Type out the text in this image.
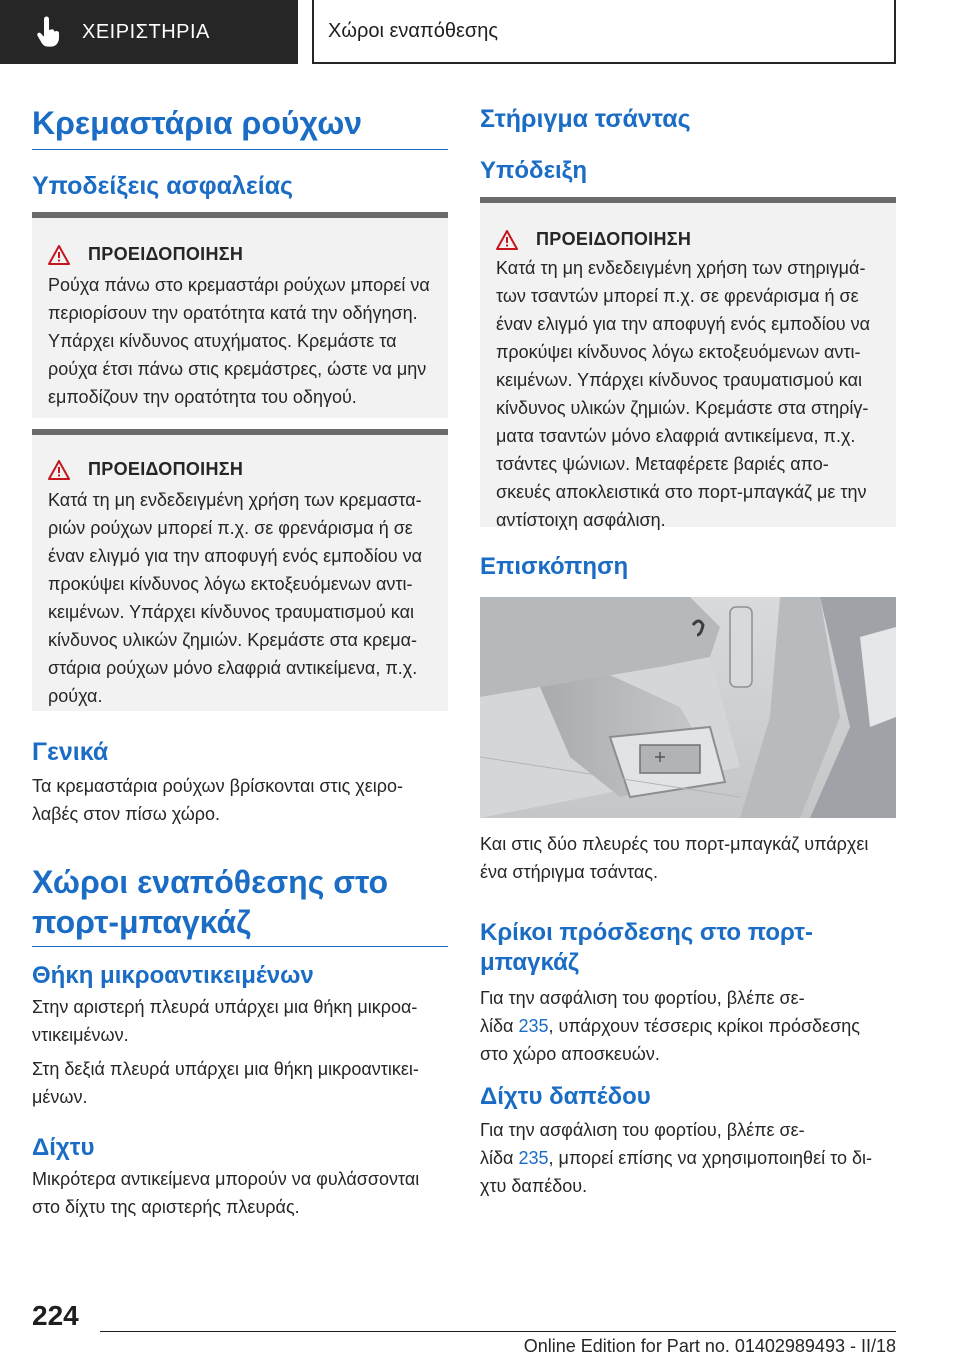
ΧΕΙΡΙΣΤΗΡΙΑ	Χώροι εναπόθεσης
Κρεμαστάρια ρούχων
Υποδείξεις ασφαλείας
ΠΡΟΕΙΔΟΠΟΙΗΣΗ
Ρούχα πάνω στο κρεμαστάρι ρούχων μπορεί να
περιορίσουν την ορατότητα κατά την οδήγηση.
Υπάρχει κίνδυνος ατυχήματος. Κρεμάστε τα
ρούχα έτσι πάνω στις κρεμάστρες, ώστε να μην
εμποδίζουν την ορατότητα του οδηγού.
ΠΡΟΕΙΔΟΠΟΙΗΣΗ
Κατά τη μη ενδεδειγμένη χρήση των κρεμαστα-
ριών ρούχων μπορεί π.χ. σε φρενάρισμα ή σε
έναν ελιγμό για την αποφυγή ενός εμποδίου να
προκύψει κίνδυνος λόγω εκτοξευόμενων αντι-
κειμένων. Υπάρχει κίνδυνος τραυματισμού και
κίνδυνος υλικών ζημιών. Κρεμάστε στα κρεμα-
στάρια ρούχων μόνο ελαφριά αντικείμενα, π.χ.
ρούχα.
Γενικά
Τα κρεμαστάρια ρούχων βρίσκονται στις χειρο-
λαβές στον πίσω χώρο.
Χώροι εναπόθεσης στο
πορτ-μπαγκάζ
Θήκη μικροαντικειμένων
Στην αριστερή πλευρά υπάρχει μια θήκη μικροα-
ντικειμένων.
Στη δεξιά πλευρά υπάρχει μια θήκη μικροαντικει-
μένων.
Δίχτυ
Μικρότερα αντικείμενα μπορούν να φυλάσσονται
στο δίχτυ της αριστερής πλευράς.
Στήριγμα τσάντας
Υπόδειξη
ΠΡΟΕΙΔΟΠΟΙΗΣΗ
Κατά τη μη ενδεδειγμένη χρήση των στηριγμά-
των τσαντών μπορεί π.χ. σε φρενάρισμα ή σε
έναν ελιγμό για την αποφυγή ενός εμποδίου να
προκύψει κίνδυνος λόγω εκτοξευόμενων αντι-
κειμένων. Υπάρχει κίνδυνος τραυματισμού και
κίνδυνος υλικών ζημιών. Κρεμάστε στα στηρίγ-
ματα τσαντών μόνο ελαφριά αντικείμενα, π.χ.
τσάντες ψώνιων. Μεταφέρετε βαριές απο-
σκευές αποκλειστικά στο πορτ-μπαγκάζ με την
αντίστοιχη ασφάλιση.
Επισκόπηση
Και στις δύο πλευρές του πορτ-μπαγκάζ υπάρχει
ένα στήριγμα τσάντας.
Κρίκοι πρόσδεσης στο πορτ-
μπαγκάζ
Για την ασφάλιση του φορτίου, βλέπε σε-
λίδα 235, υπάρχουν τέσσερις κρίκοι πρόσδεσης
στο χώρο αποσκευών.
Δίχτυ δαπέδου
Για την ασφάλιση του φορτίου, βλέπε σε-
λίδα 235, μπορεί επίσης να χρησιμοποιηθεί το δι-
χτυ δαπέδου.
224
Online Edition for Part no. 01402989493 - II/18
